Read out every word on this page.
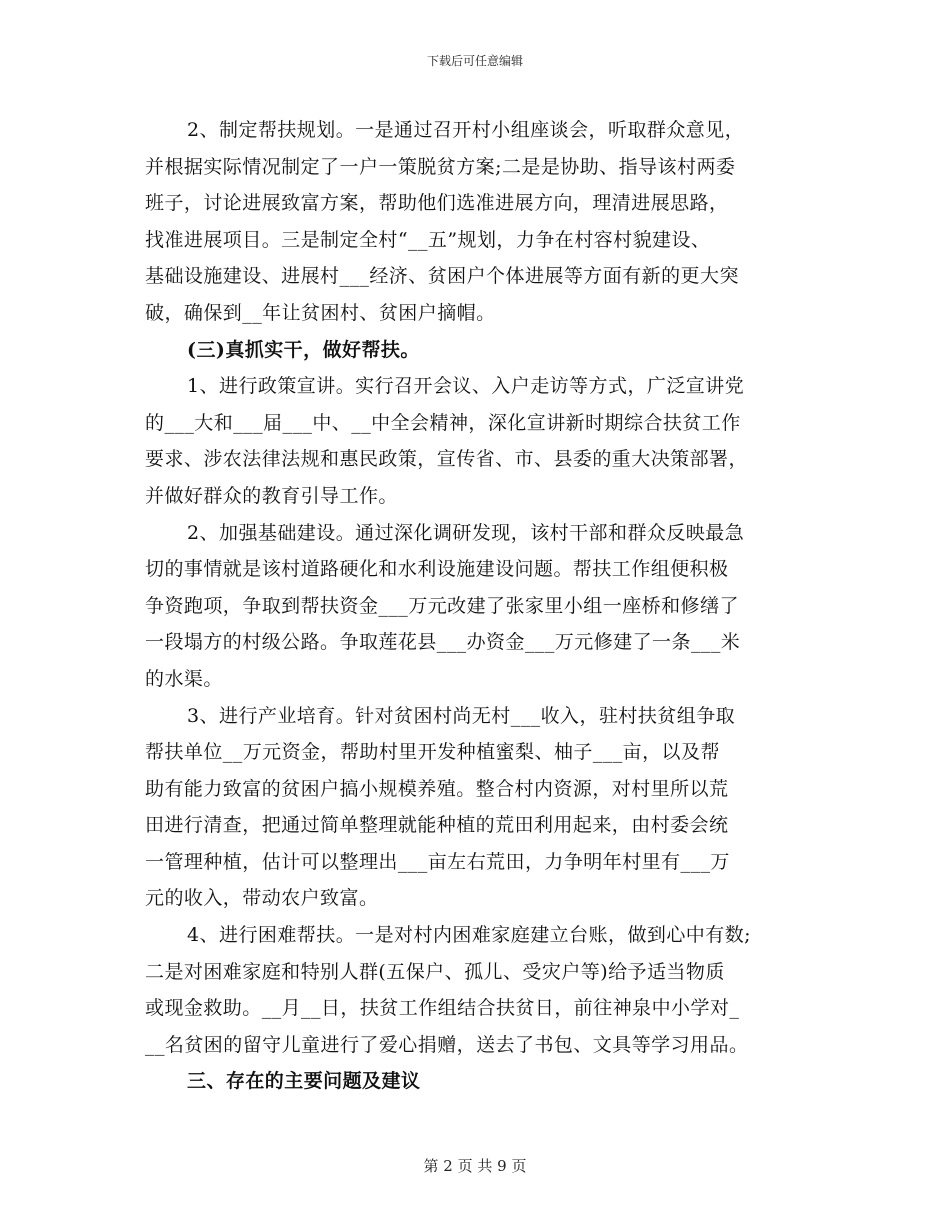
下载后可任意编辑
2、制定帮扶规划。一是通过召开村小组座谈会，听取群众意见，
并根据实际情况制定了一户一策脱贫方案;二是是协助、指导该村两委
班子，讨论进展致富方案，帮助他们选准进展方向，理清进展思路，
找准进展项目。三是制定全村“__五”规划，力争在村容村貌建设、
基础设施建设、进展村___经济、贫困户个体进展等方面有新的更大突
破，确保到__年让贫困村、贫困户摘帽。
(三)真抓实干，做好帮扶。
1、进行政策宣讲。实行召开会议、入户走访等方式，广泛宣讲党
的___大和___届___中、__中全会精神，深化宣讲新时期综合扶贫工作
要求、涉农法律法规和惠民政策，宣传省、市、县委的重大决策部署，
并做好群众的教育引导工作。
2、加强基础建设。通过深化调研发现，该村干部和群众反映最急
切的事情就是该村道路硬化和水利设施建设问题。帮扶工作组便积极
争资跑项，争取到帮扶资金___万元改建了张家里小组一座桥和修缮了
一段塌方的村级公路。争取莲花县___办资金___万元修建了一条___米
的水渠。
3、进行产业培育。针对贫困村尚无村___收入，驻村扶贫组争取
帮扶单位__万元资金，帮助村里开发种植蜜梨、柚子___亩，以及帮
助有能力致富的贫困户搞小规模养殖。整合村内资源，对村里所以荒
田进行清查，把通过简单整理就能种植的荒田利用起来，由村委会统
一管理种植，估计可以整理出___亩左右荒田，力争明年村里有___万
元的收入，带动农户致富。
4、进行困难帮扶。一是对村内困难家庭建立台账，做到心中有数;
二是对困难家庭和特别人群(五保户、孤儿、受灾户等)给予适当物质
或现金救助。__月__日，扶贫工作组结合扶贫日，前往神泉中小学对_
__名贫困的留守儿童进行了爱心捐赠，送去了书包、文具等学习用品。
三、存在的主要问题及建议
第 2 页 共 9 页
